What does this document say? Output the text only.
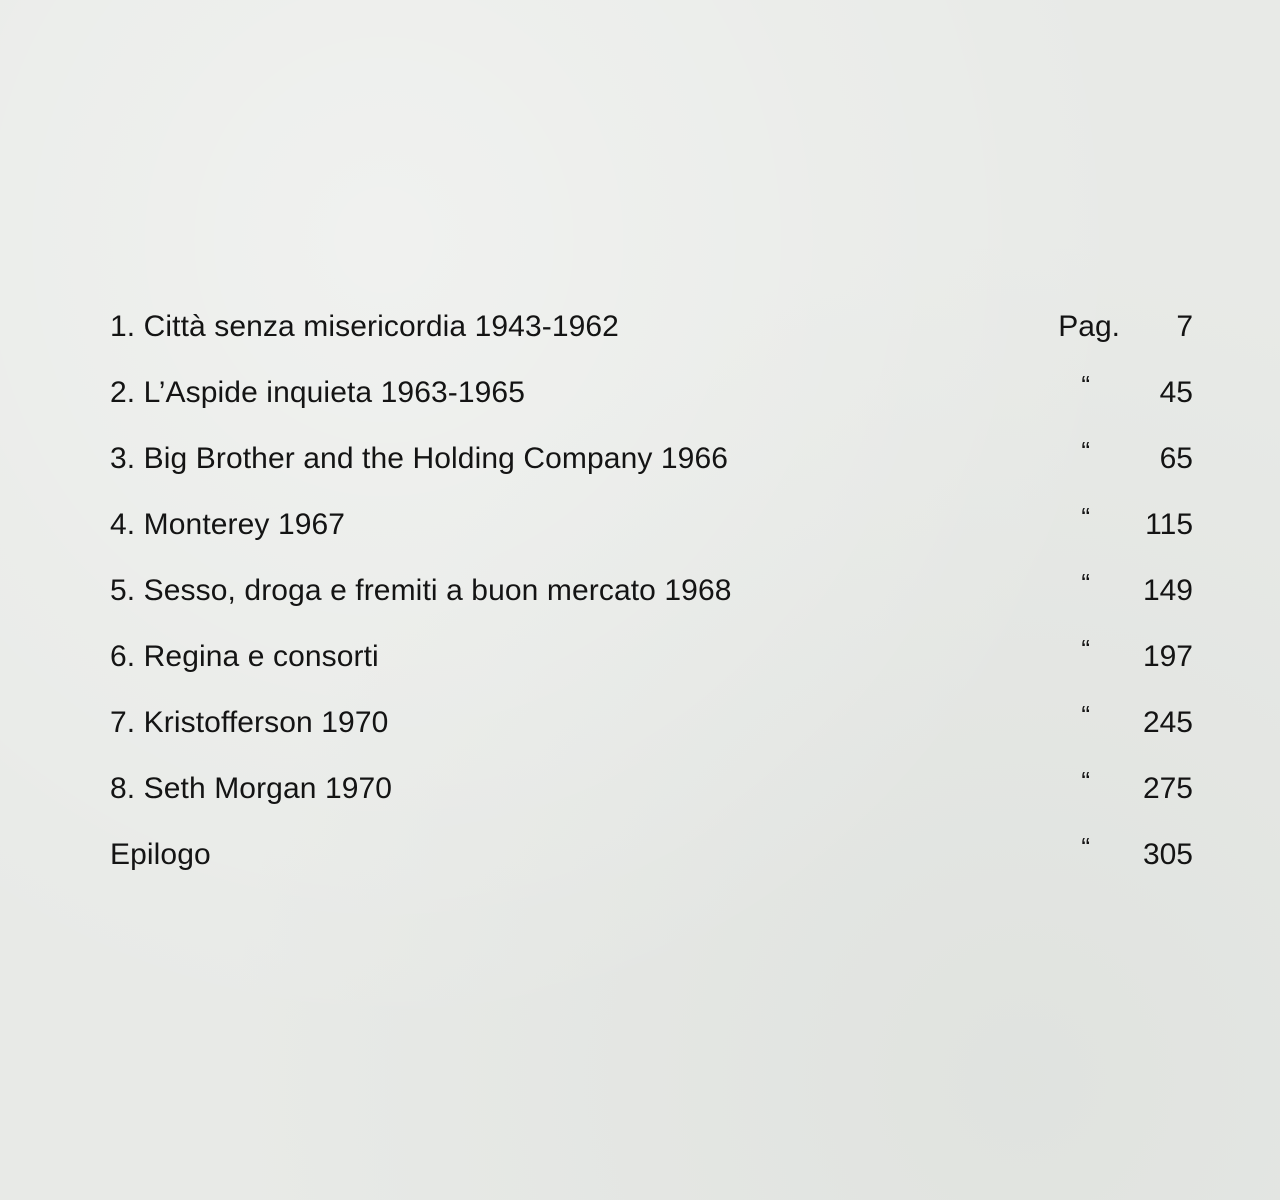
1. Città senza misericordia 1943-1962	Pag.	7
2. L’Aspide inquieta 1963-1965	“	45
3. Big Brother and the Holding Company 1966	“	65
4. Monterey 1967	“	115
5. Sesso, droga e fremiti a buon mercato 1968	“	149
6. Regina e consorti	“	197
7. Kristofferson 1970	“	245
8. Seth Morgan 1970	“	275
Epilogo	“	305
